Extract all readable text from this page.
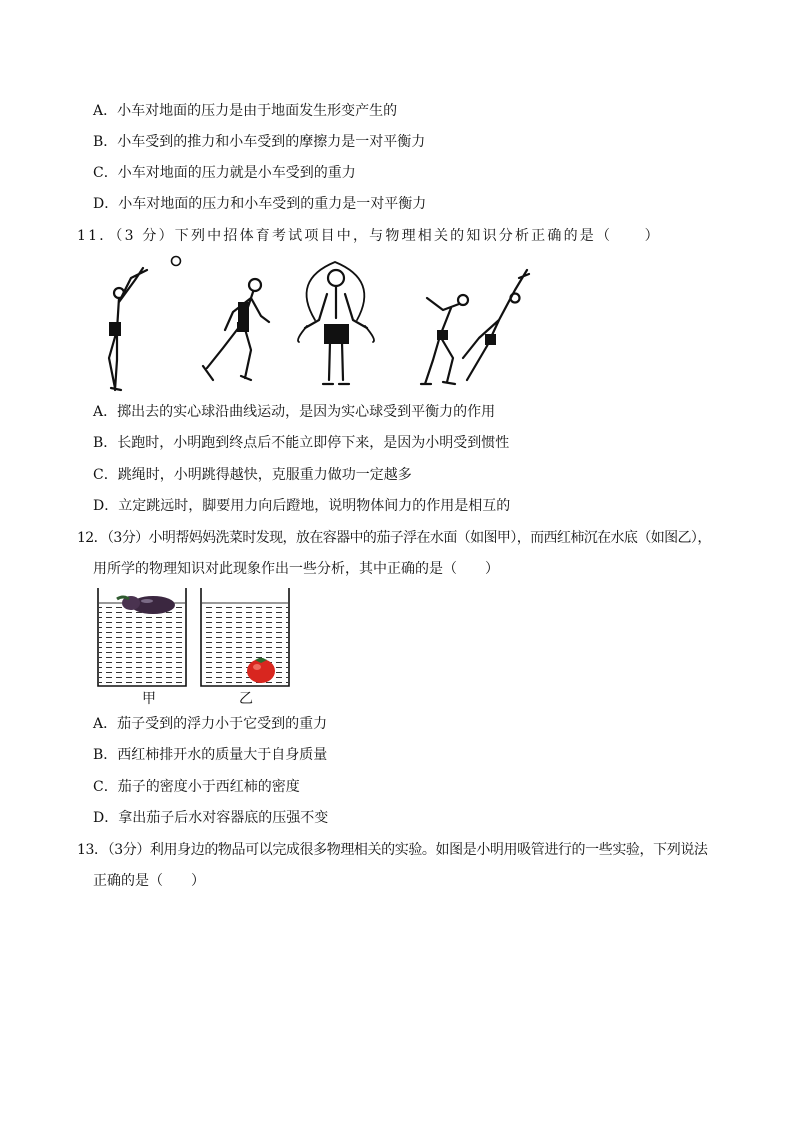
A．小车对地面的压力是由于地面发生形变产生的
B．小车受到的推力和小车受到的摩擦力是一对平衡力
C．小车对地面的压力就是小车受到的重力
D．小车对地面的压力和小车受到的重力是一对平衡力
11．（3 分）下列中招体育考试项目中，与物理相关的知识分析正确的是（　　）
A．掷出去的实心球沿曲线运动，是因为实心球受到平衡力的作用
B．长跑时，小明跑到终点后不能立即停下来，是因为小明受到惯性
C．跳绳时，小明跳得越快，克服重力做功一定越多
D．立定跳远时，脚要用力向后蹬地，说明物体间力的作用是相互的
12．（3分）小明帮妈妈洗菜时发现，放在容器中的茄子浮在水面（如图甲），而西红柿沉在水底（如图乙），
用所学的物理知识对此现象作出一些分析，其中正确的是（　　）
甲	乙
A．茄子受到的浮力小于它受到的重力
B．西红柿排开水的质量大于自身质量
C．茄子的密度小于西红柿的密度
D．拿出茄子后水对容器底的压强不变
13．（3分）利用身边的物品可以完成很多物理相关的实验。如图是小明用吸管进行的一些实验，下列说法
正确的是（　　）
